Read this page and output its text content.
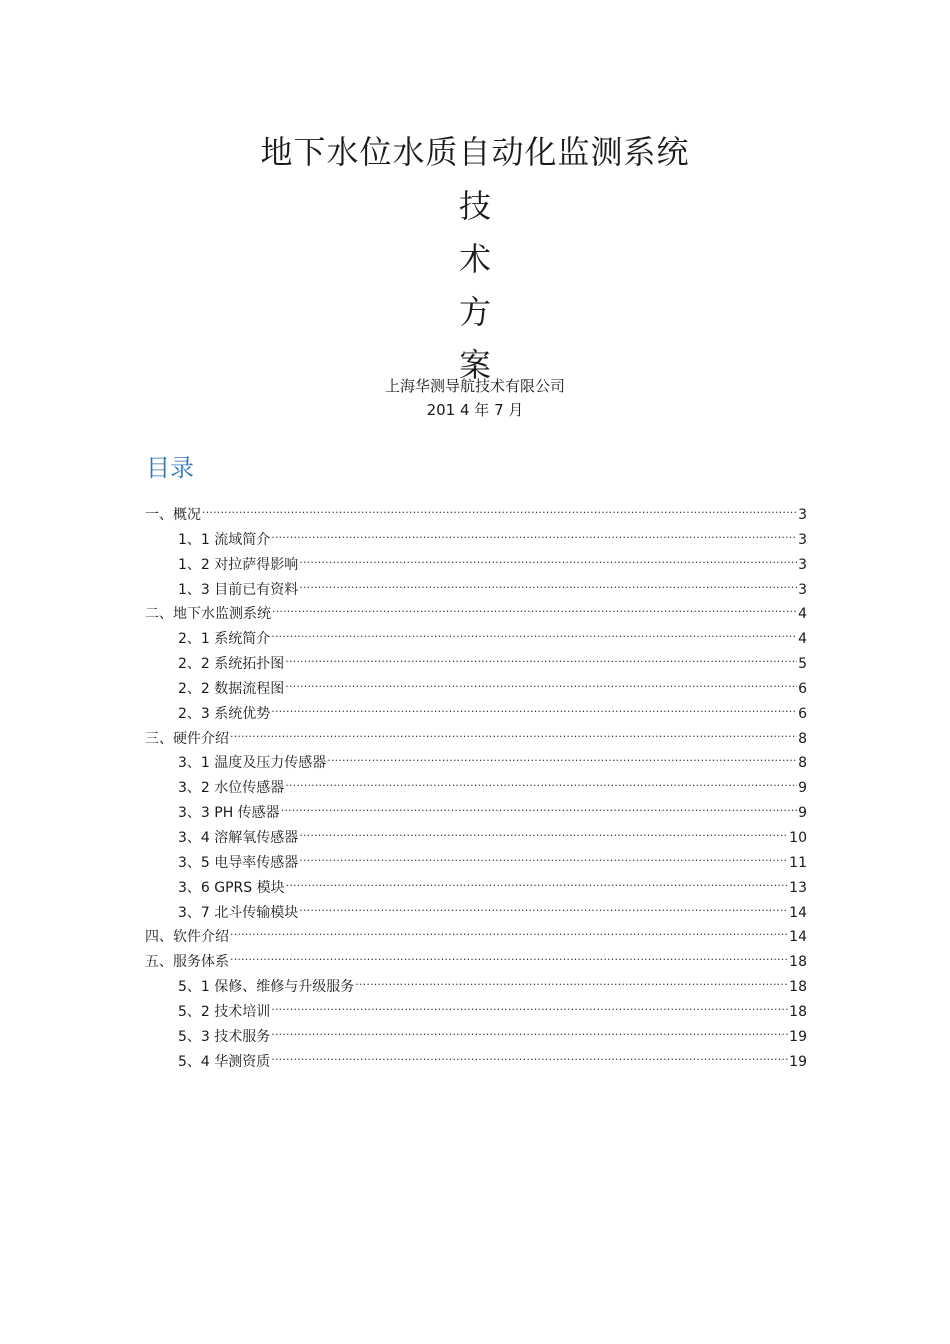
地下水位水质自动化监测系统
技
术
方
案
上海华测导航技术有限公司
201 4 年 7 月
目录
一、概况 .....	3
1、1 流域简介 .....	3
1、2 对拉萨得影响 .....	3
1、3 目前已有资料 .....	3
二、地下水监测系统 .....	4
2、1 系统简介 .....	4
2、2 系统拓扑图 .....	5
2、2 数据流程图 .....	6
2、3 系统优势 .....	6
三、硬件介绍 .....	8
3、1 温度及压力传感器 .....	8
3、2 水位传感器 .....	9
3、3 PH 传感器 .....	9
3、4 溶解氧传感器 .....	10
3、5 电导率传感器 .....	11
3、6 GPRS 模块 .....	13
3、7 北斗传输模块 .....	14
四、软件介绍 .....	14
五、服务体系 .....	18
5、1 保修、维修与升级服务 .....	18
5、2 技术培训 .....	18
5、3 技术服务 .....	19
5、4 华测资质 .....	19
